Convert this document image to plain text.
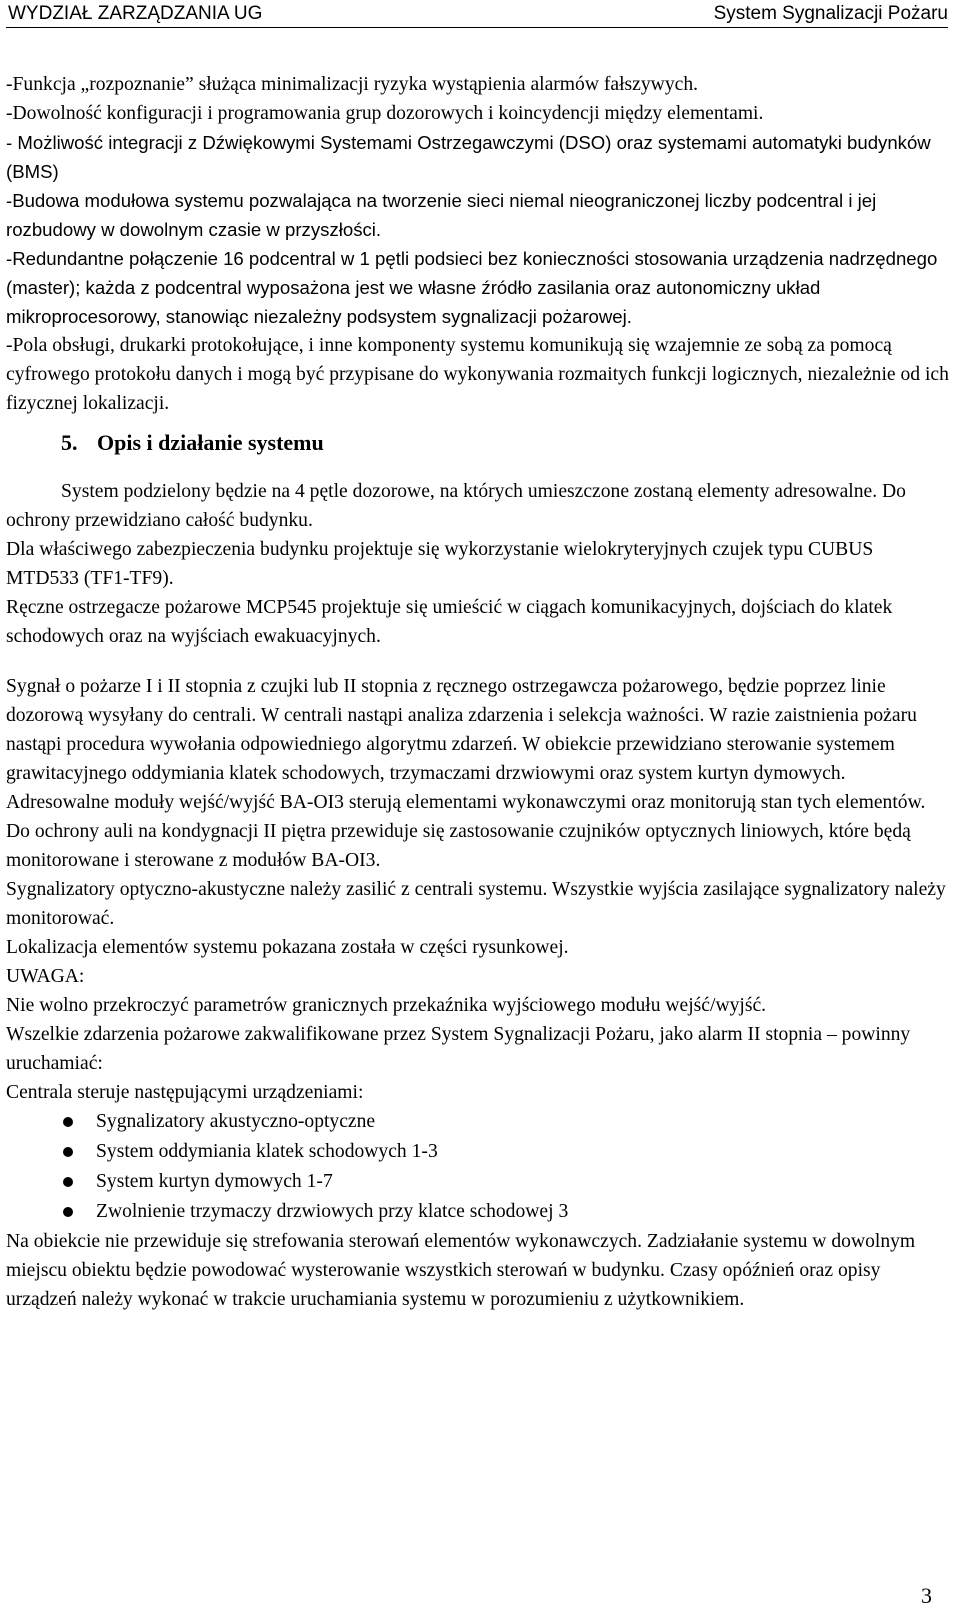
WYDZIAŁ ZARZĄDZANIA UG	System Sygnalizacji Pożaru

-Funkcja „rozpoznanie” służąca minimalizacji ryzyka wystąpienia alarmów fałszywych.

-Dowolność konfiguracji i programowania grup dozorowych i koincydencji między elementami.

- Możliwość integracji z Dźwiękowymi Systemami Ostrzegawczymi (DSO) oraz systemami automatyki budynków (BMS)

-Budowa modułowa systemu pozwalająca na tworzenie sieci niemal nieograniczonej liczby podcentral i jej rozbudowy w dowolnym czasie w przyszłości.

-Redundantne połączenie 16 podcentral w 1 pętli podsieci bez konieczności stosowania urządzenia nadrzędnego (master); każda z podcentral wyposażona jest we własne źródło zasilania oraz autonomiczny układ mikroprocesorowy, stanowiąc niezależny podsystem sygnalizacji pożarowej.

-Pola obsługi, drukarki protokołujące, i inne komponenty systemu komunikują się wzajemnie ze sobą za pomocą cyfrowego protokołu danych i mogą być przypisane do wykonywania rozmaitych funkcji logicznych, niezależnie od ich fizycznej lokalizacji.

5. Opis i działanie systemu

System podzielony będzie na 4 pętle dozorowe, na których umieszczone zostaną elementy adresowalne. Do ochrony przewidziano całość budynku.

Dla właściwego zabezpieczenia budynku projektuje się wykorzystanie wielokryteryjnych czujek typu CUBUS MTD533 (TF1-TF9).

Ręczne ostrzegacze pożarowe MCP545 projektuje się umieścić w ciągach komunikacyjnych, dojściach do klatek schodowych oraz na wyjściach ewakuacyjnych.

Sygnał o pożarze I i II stopnia z czujki lub II stopnia z ręcznego ostrzegawcza pożarowego, będzie poprzez linie dozorową wysyłany do centrali. W centrali nastąpi analiza zdarzenia i selekcja ważności. W razie zaistnienia pożaru nastąpi procedura wywołania odpowiedniego algorytmu zdarzeń. W obiekcie przewidziano sterowanie systemem grawitacyjnego oddymiania klatek schodowych, trzymaczami drzwiowymi oraz system kurtyn dymowych. Adresowalne moduły wejść/wyjść BA-OI3 sterują elementami wykonawczymi oraz monitorują stan tych elementów.

Do ochrony auli na kondygnacji II piętra przewiduje się zastosowanie czujników optycznych liniowych, które będą monitorowane i sterowane z modułów BA-OI3.

Sygnalizatory optyczno-akustyczne należy zasilić z centrali systemu. Wszystkie wyjścia zasilające sygnalizatory należy monitorować.

Lokalizacja elementów systemu pokazana została w części rysunkowej.

UWAGA:

Nie wolno przekroczyć parametrów granicznych przekaźnika wyjściowego modułu wejść/wyjść.

Wszelkie zdarzenia pożarowe zakwalifikowane przez System Sygnalizacji Pożaru, jako alarm II stopnia – powinny uruchamiać:

Centrala steruje następującymi urządzeniami:

Sygnalizatory akustyczno-optyczne
System oddymiania klatek schodowych 1-3
System kurtyn dymowych 1-7
Zwolnienie trzymaczy drzwiowych przy klatce schodowej 3

Na obiekcie nie przewiduje się strefowania sterowań elementów wykonawczych. Zadziałanie systemu w dowolnym miejscu obiektu będzie powodować wysterowanie wszystkich sterowań w budynku. Czasy opóźnień oraz opisy urządzeń należy wykonać w trakcie uruchamiania systemu w porozumieniu z użytkownikiem.

3
